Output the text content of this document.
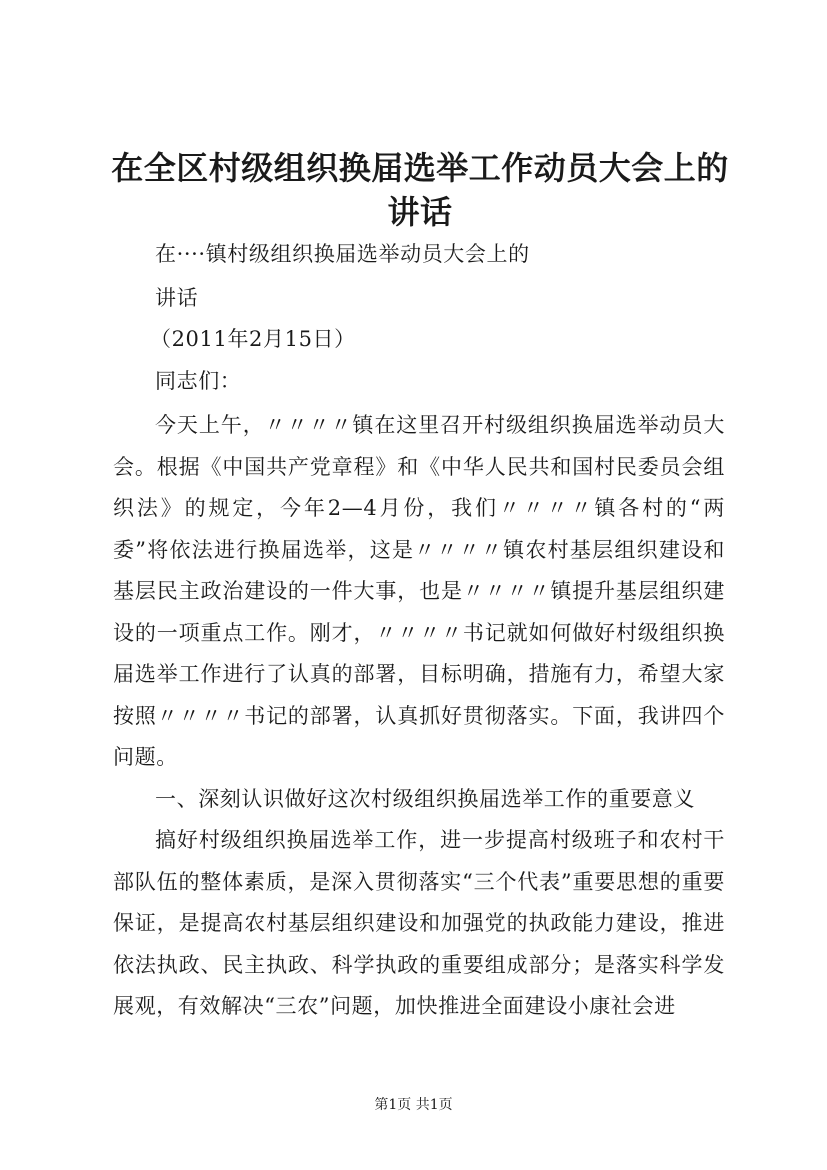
在全区村级组织换届选举工作动员大会上的讲话

在····镇村级组织换届选举动员大会上的

讲话

（2011年2月15日）

同志们：

今天上午，〃〃〃〃镇在这里召开村级组织换届选举动员大会。根据《中国共产党章程》和《中华人民共和国村民委员会组织法》的规定，今年2—4月份，我们〃〃〃〃镇各村的“两委”将依法进行换届选举，这是〃〃〃〃镇农村基层组织建设和基层民主政治建设的一件大事，也是〃〃〃〃镇提升基层组织建设的一项重点工作。刚才，〃〃〃〃书记就如何做好村级组织换届选举工作进行了认真的部署，目标明确，措施有力，希望大家按照〃〃〃〃书记的部署，认真抓好贯彻落实。下面，我讲四个问题。

一、深刻认识做好这次村级组织换届选举工作的重要意义

搞好村级组织换届选举工作，进一步提高村级班子和农村干部队伍的整体素质，是深入贯彻落实“三个代表”重要思想的重要保证，是提高农村基层组织建设和加强党的执政能力建设，推进依法执政、民主执政、科学执政的重要组成部分；是落实科学发展观，有效解决“三农”问题，加快推进全面建设小康社会进

第1页 共1页
